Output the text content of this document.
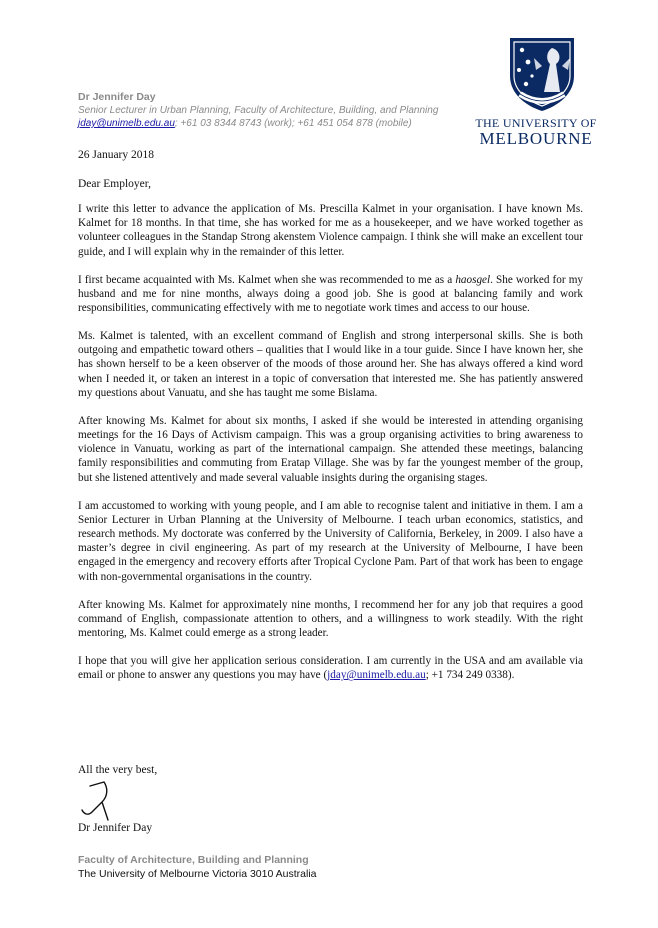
Dr Jennifer Day
Senior Lecturer in Urban Planning, Faculty of Architecture, Building, and Planning
jday@unimelb.edu.au; +61 03 8344 8743 (work); +61 451 054 878 (mobile)	THE UNIVERSITY OF
MELBOURNE
26 January 2018
Dear Employer,

I write this letter to advance the application of Ms. Prescilla Kalmet in your organisation. I have known Ms. Kalmet for 18 months. In that time, she has worked for me as a housekeeper, and we have worked together as volunteer colleagues in the Standap Strong akenstem Violence campaign. I think she will make an excellent tour guide, and I will explain why in the remainder of this letter.

I first became acquainted with Ms. Kalmet when she was recommended to me as a haosgel. She worked for my husband and me for nine months, always doing a good job. She is good at balancing family and work responsibilities, communicating effectively with me to negotiate work times and access to our house.

Ms. Kalmet is talented, with an excellent command of English and strong interpersonal skills. She is both outgoing and empathetic toward others – qualities that I would like in a tour guide. Since I have known her, she has shown herself to be a keen observer of the moods of those around her. She has always offered a kind word when I needed it, or taken an interest in a topic of conversation that interested me. She has patiently answered my questions about Vanuatu, and she has taught me some Bislama.

After knowing Ms. Kalmet for about six months, I asked if she would be interested in attending organising meetings for the 16 Days of Activism campaign. This was a group organising activities to bring awareness to violence in Vanuatu, working as part of the international campaign. She attended these meetings, balancing family responsibilities and commuting from Eratap Village. She was by far the youngest member of the group, but she listened attentively and made several valuable insights during the organising stages.

I am accustomed to working with young people, and I am able to recognise talent and initiative in them. I am a Senior Lecturer in Urban Planning at the University of Melbourne. I teach urban economics, statistics, and research methods. My doctorate was conferred by the University of California, Berkeley, in 2009. I also have a master’s degree in civil engineering. As part of my research at the University of Melbourne, I have been engaged in the emergency and recovery efforts after Tropical Cyclone Pam. Part of that work has been to engage with non-governmental organisations in the country.

After knowing Ms. Kalmet for approximately nine months, I recommend her for any job that requires a good command of English, compassionate attention to others, and a willingness to work steadily. With the right mentoring, Ms. Kalmet could emerge as a strong leader.

I hope that you will give her application serious consideration. I am currently in the USA and am available via email or phone to answer any questions you may have (jday@unimelb.edu.au; +1 734 249 0338).

All the very best,
Dr Jennifer Day
Faculty of Architecture, Building and Planning
The University of Melbourne Victoria 3010 Australia
